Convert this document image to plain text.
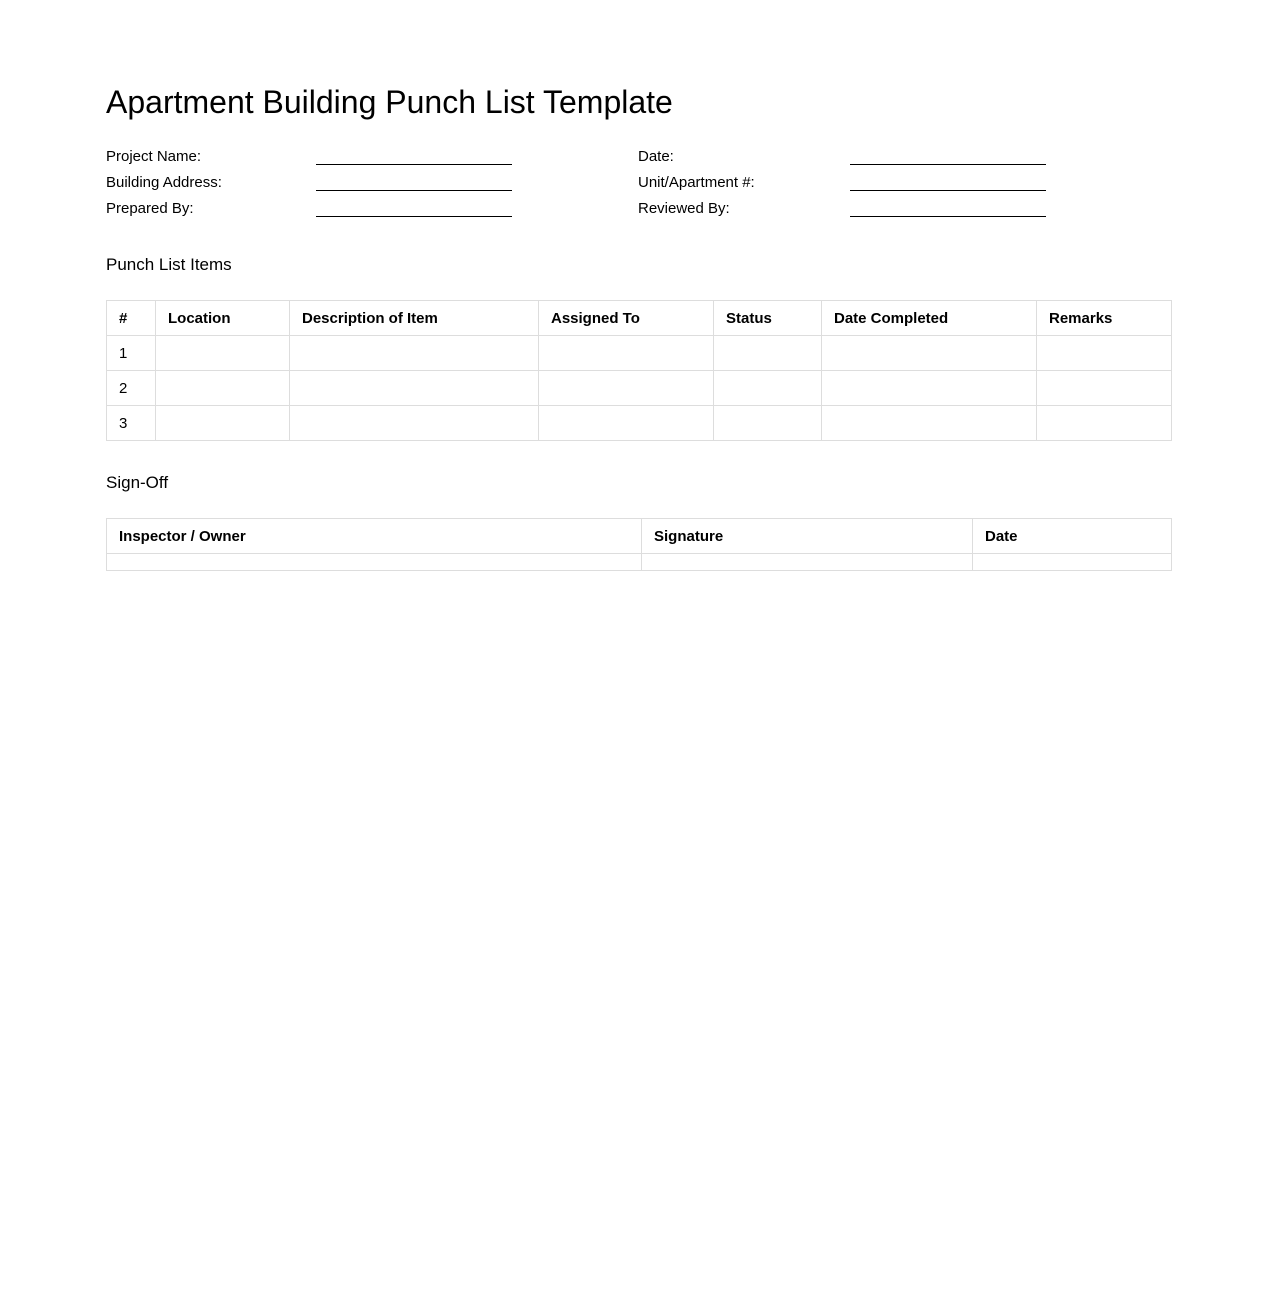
Apartment Building Punch List Template
Project Name:
Building Address:
Prepared By:
Date:
Unit/Apartment #:
Reviewed By:
Punch List Items
#	Location	Description of Item	Assigned To	Status	Date Completed	Remarks
1						
2						
3						
Sign-Off
Inspector / Owner	Signature	Date
